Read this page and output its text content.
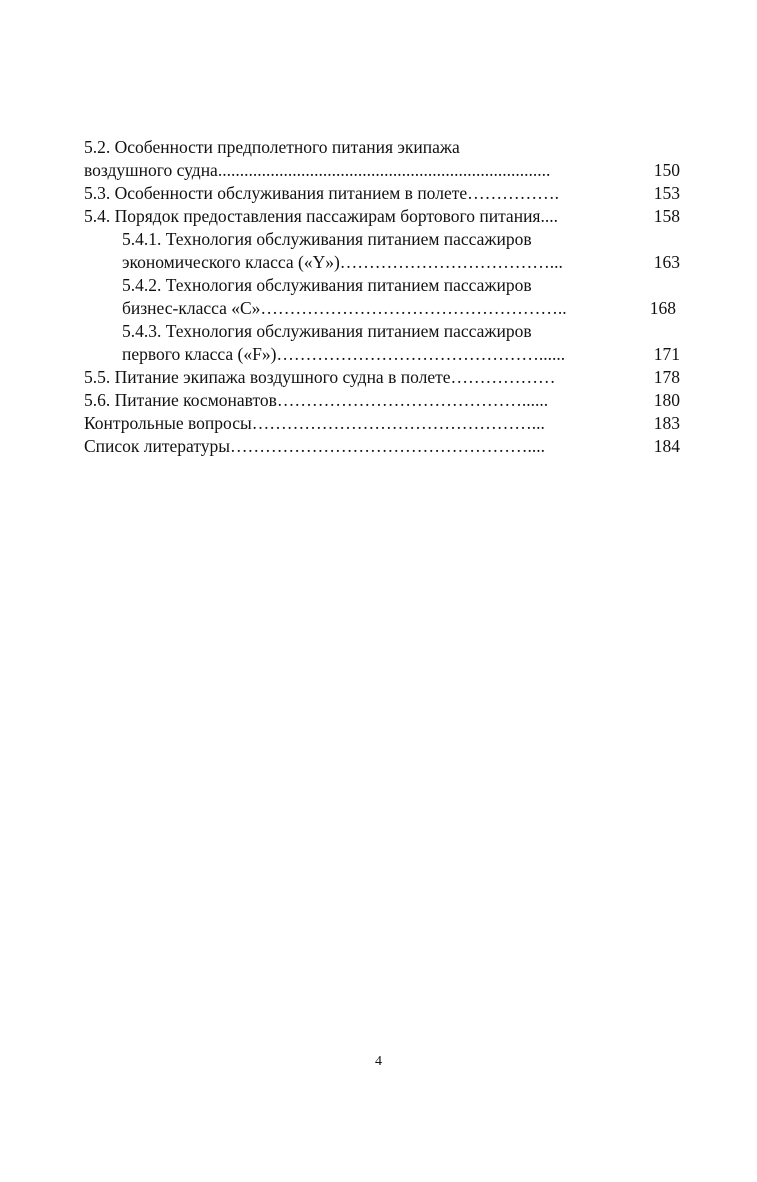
5.2. Особенности предполетного питания экипажа
воздушного судна............................................................................	150
5.3. Особенности обслуживания питанием в полете…………….	153
5.4. Порядок предоставления пассажирам бортового питания....	158
5.4.1. Технология обслуживания питанием пассажиров
экономического класса («Y»)………………………………...	163
5.4.2. Технология обслуживания питанием пассажиров
бизнес-класса «С»……………………………………………..	168
5.4.3. Технология обслуживания питанием пассажиров
первого класса («F»)………………………………………......	171
5.5. Питание экипажа воздушного судна в полете………………	178
5.6. Питание космонавтов……………………………………......	180
Контрольные вопросы…………………………………………...	183
Список литературы……………………………………………....	184
4
